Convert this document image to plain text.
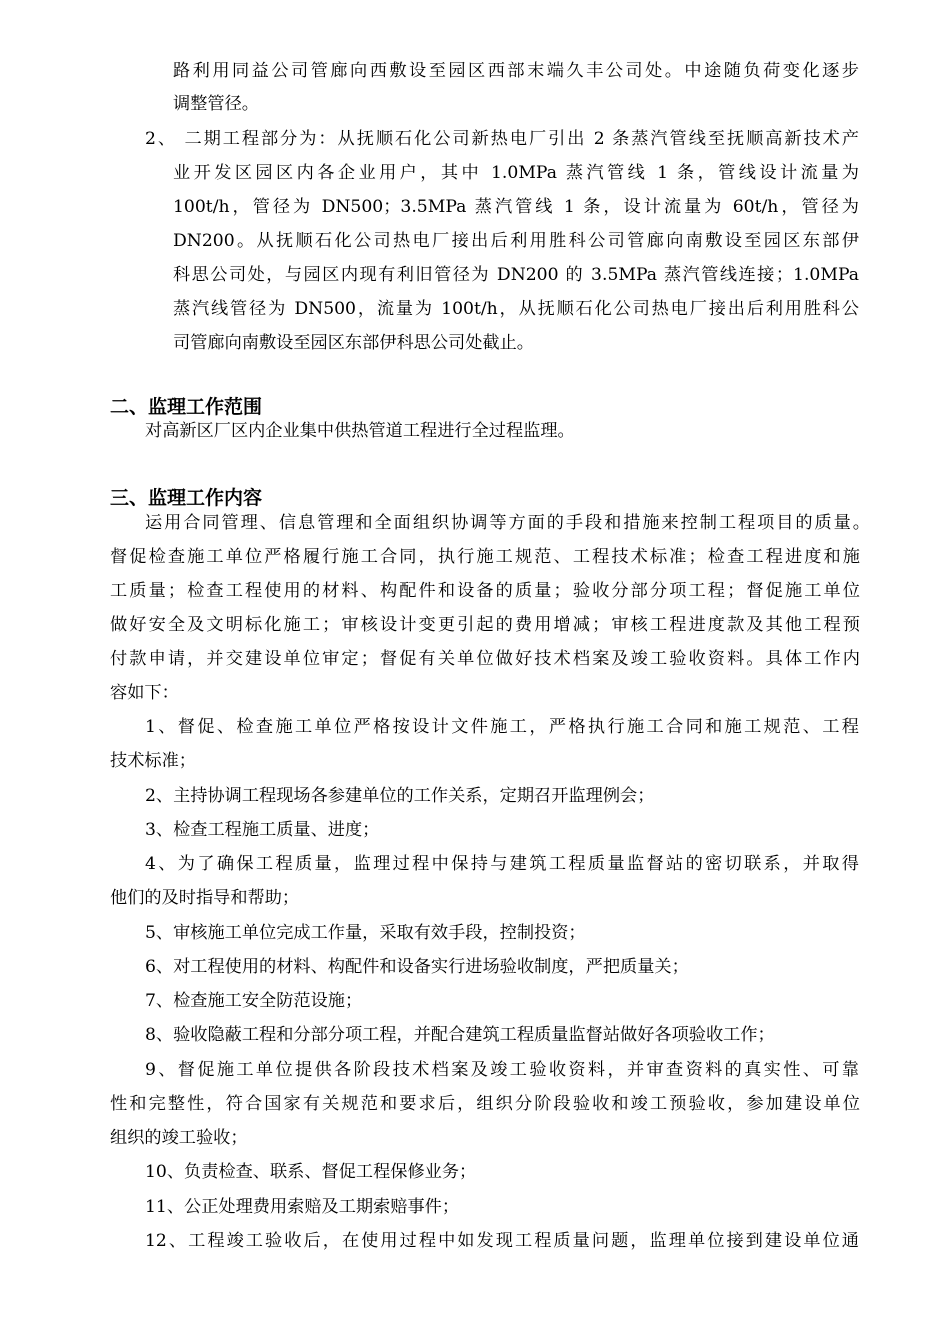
路利用同益公司管廊向西敷设至园区西部末端久丰公司处。中途随负荷变化逐步
调整管径。
2、 二期工程部分为：从抚顺石化公司新热电厂引出 2 条蒸汽管线至抚顺高新技术产
业开发区园区内各企业用户，其中 1.0MPa 蒸汽管线 1 条，管线设计流量为
100t/h，管径为 DN500；3.5MPa 蒸汽管线 1 条，设计流量为 60t/h，管径为
DN200。从抚顺石化公司热电厂接出后利用胜科公司管廊向南敷设至园区东部伊
科思公司处，与园区内现有利旧管径为 DN200 的 3.5MPa 蒸汽管线连接；1.0MPa
蒸汽线管径为 DN500，流量为 100t/h，从抚顺石化公司热电厂接出后利用胜科公
司管廊向南敷设至园区东部伊科思公司处截止。
二、监理工作范围
对高新区厂区内企业集中供热管道工程进行全过程监理。
三、监理工作内容
运用合同管理、信息管理和全面组织协调等方面的手段和措施来控制工程项目的质量。
督促检查施工单位严格履行施工合同，执行施工规范、工程技术标准；检查工程进度和施
工质量；检查工程使用的材料、构配件和设备的质量；验收分部分项工程；督促施工单位
做好安全及文明标化施工；审核设计变更引起的费用增减；审核工程进度款及其他工程预
付款申请，并交建设单位审定；督促有关单位做好技术档案及竣工验收资料。具体工作内
容如下：
1、督促、检查施工单位严格按设计文件施工，严格执行施工合同和施工规范、工程
技术标准；
2、主持协调工程现场各参建单位的工作关系，定期召开监理例会；
3、检查工程施工质量、进度；
4、为了确保工程质量，监理过程中保持与建筑工程质量监督站的密切联系，并取得
他们的及时指导和帮助；
5、审核施工单位完成工作量，采取有效手段，控制投资；
6、对工程使用的材料、构配件和设备实行进场验收制度，严把质量关；
7、检查施工安全防范设施；
8、验收隐蔽工程和分部分项工程，并配合建筑工程质量监督站做好各项验收工作；
9、督促施工单位提供各阶段技术档案及竣工验收资料，并审查资料的真实性、可靠
性和完整性，符合国家有关规范和要求后，组织分阶段验收和竣工预验收，参加建设单位
组织的竣工验收；
10、负责检查、联系、督促工程保修业务；
11、公正处理费用索赔及工期索赔事件；
12、工程竣工验收后，在使用过程中如发现工程质量问题，监理单位接到建设单位通
